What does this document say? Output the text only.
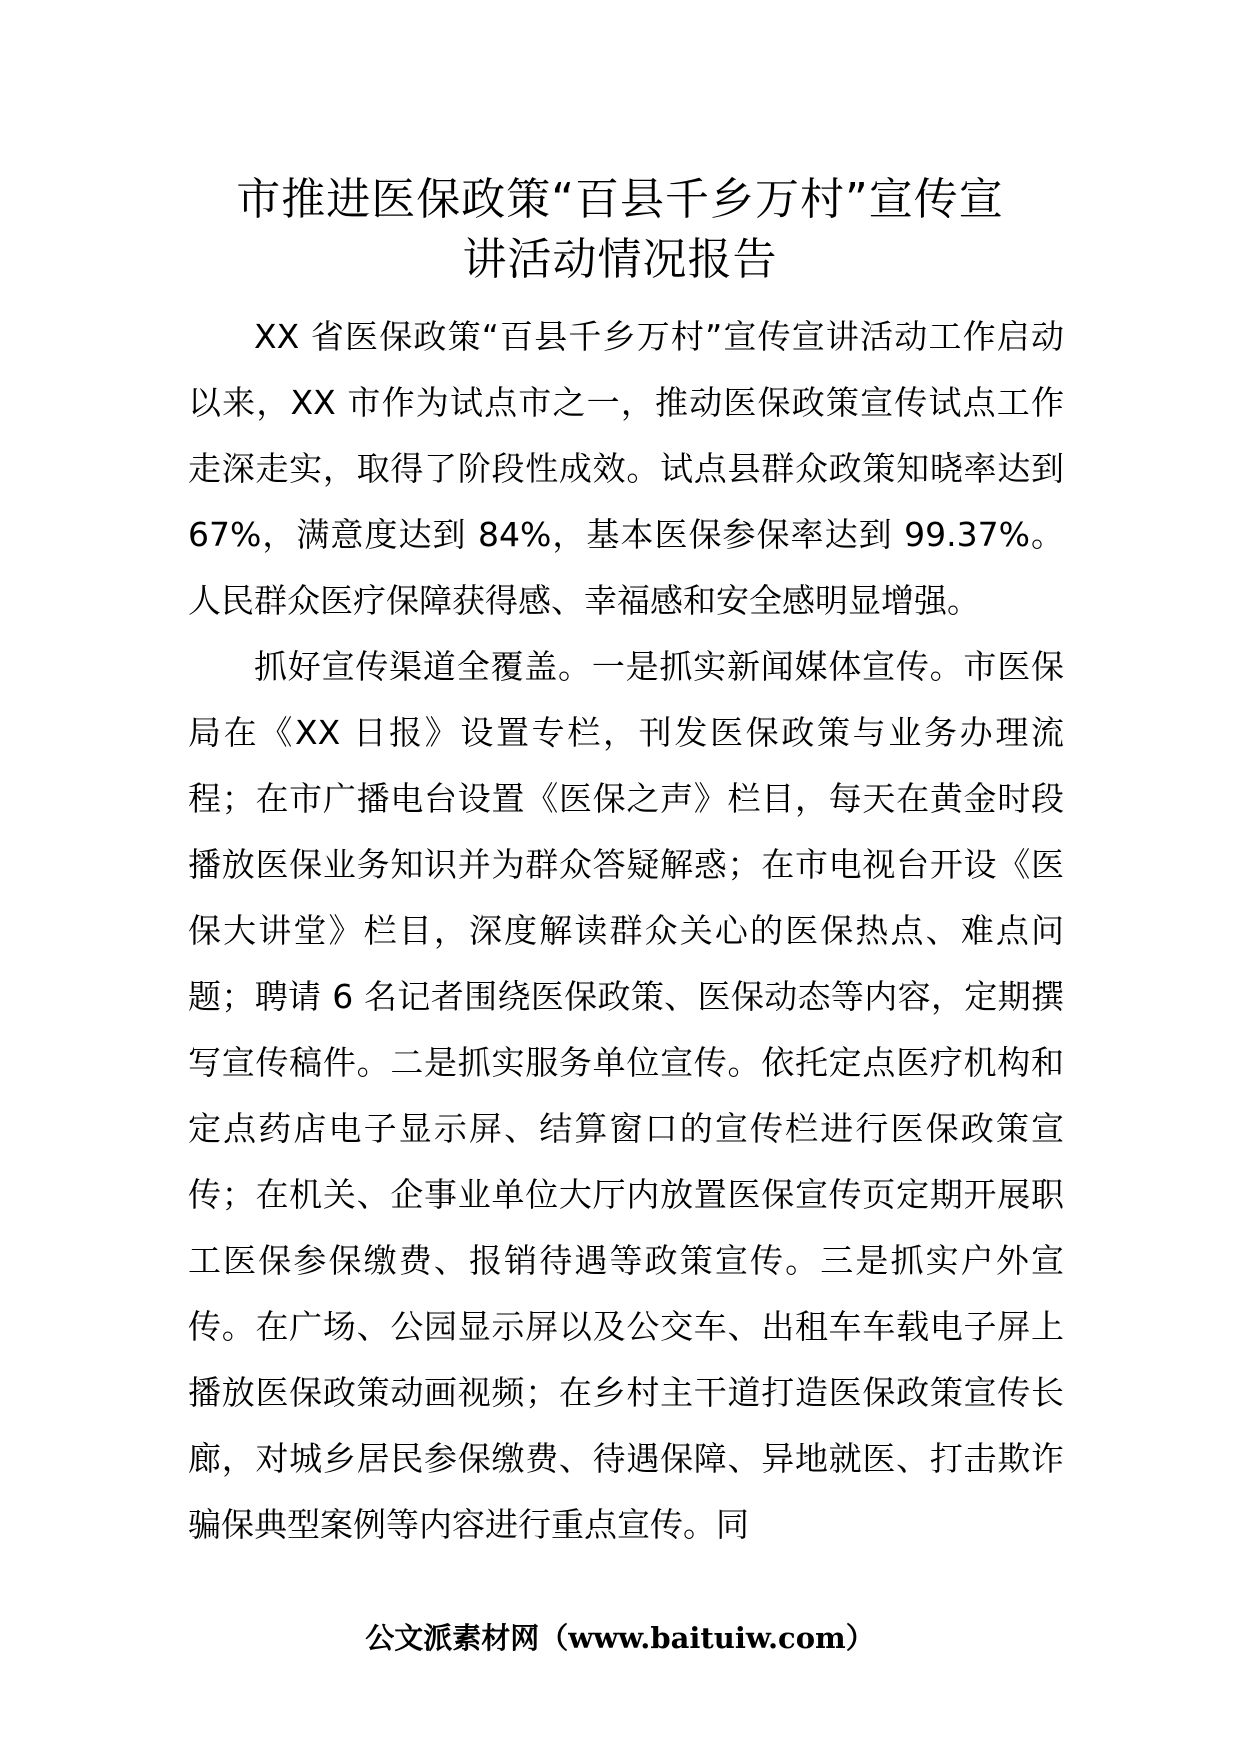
市推进医保政策“百县千乡万村”宣传宣
讲活动情况报告

XX 省医保政策“百县千乡万村”宣传宣讲活动工作启动以来，XX 市作为试点市之一，推动医保政策宣传试点工作走深走实，取得了阶段性成效。试点县群众政策知晓率达到 67%，满意度达到 84%，基本医保参保率达到 99.37%。人民群众医疗保障获得感、幸福感和安全感明显增强。

抓好宣传渠道全覆盖。一是抓实新闻媒体宣传。市医保局在《XX 日报》设置专栏，刊发医保政策与业务办理流程；在市广播电台设置《医保之声》栏目，每天在黄金时段播放医保业务知识并为群众答疑解惑；在市电视台开设《医保大讲堂》栏目，深度解读群众关心的医保热点、难点问题；聘请 6 名记者围绕医保政策、医保动态等内容，定期撰写宣传稿件。二是抓实服务单位宣传。依托定点医疗机构和定点药店电子显示屏、结算窗口的宣传栏进行医保政策宣传；在机关、企事业单位大厅内放置医保宣传页定期开展职工医保参保缴费、报销待遇等政策宣传。三是抓实户外宣传。在广场、公园显示屏以及公交车、出租车车载电子屏上播放医保政策动画视频；在乡村主干道打造医保政策宣传长廊，对城乡居民参保缴费、待遇保障、异地就医、打击欺诈骗保典型案例等内容进行重点宣传。同

公文派素材网（www.baituiw.com）
